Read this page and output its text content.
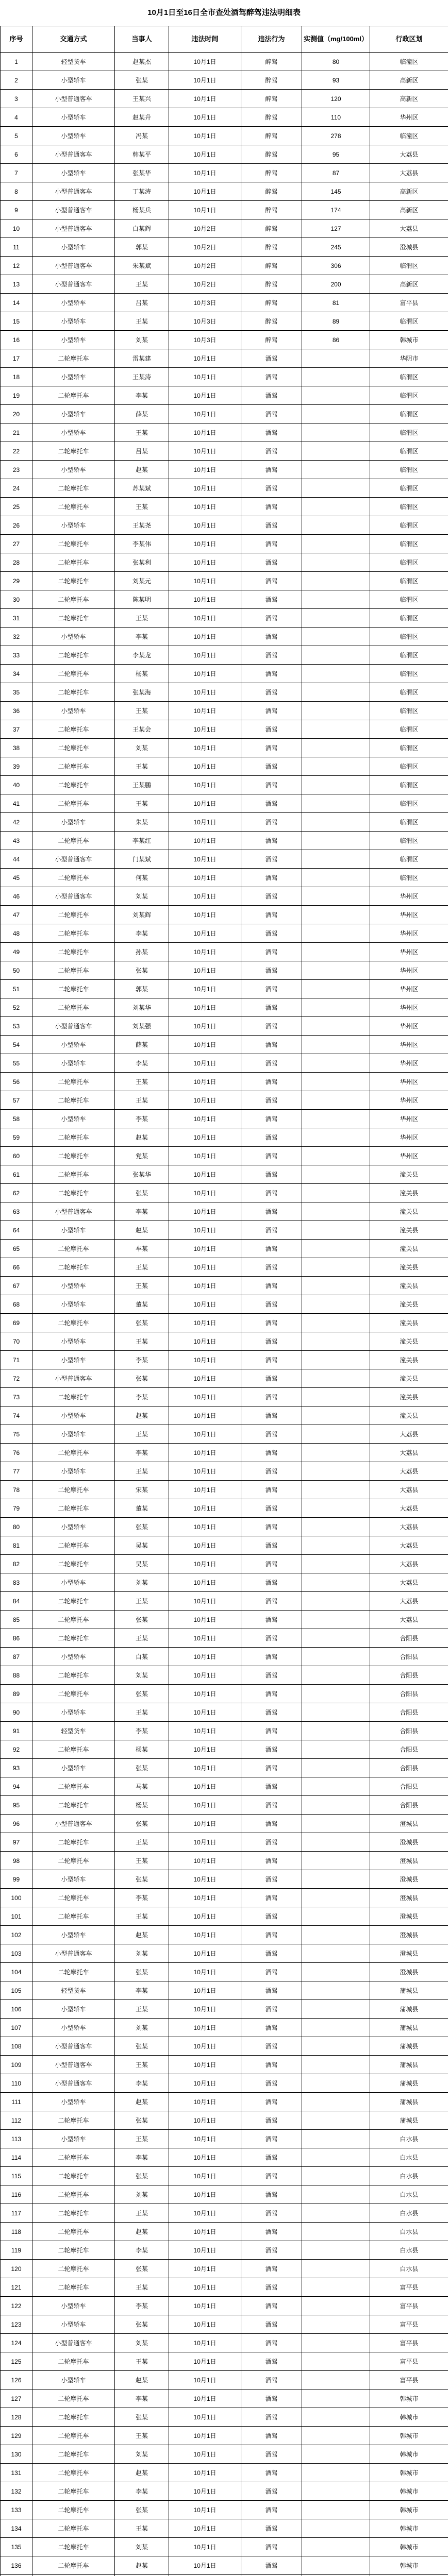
10月1日至16日全市查处酒驾醉驾违法明细表
序号	交通方式	当事人	违法时间	违法行为	实测值（mg/100ml）	行政区划
1	轻型货车	赵某杰	10月1日	醉驾	80	临潼区
2	小型轿车	张某	10月1日	醉驾	93	高新区
3	小型普通客车	王某兴	10月1日	醉驾	120	高新区
4	小型轿车	赵某升	10月1日	醉驾	110	华州区
5	小型轿车	冯某	10月1日	醉驾	278	临潼区
6	小型普通客车	韩某平	10月1日	醉驾	95	大荔县
7	小型轿车	张某华	10月1日	醉驾	87	大荔县
8	小型普通客车	丁某涛	10月1日	醉驾	145	高新区
9	小型普通客车	杨某兵	10月1日	醉驾	174	高新区
10	小型普通客车	白某辉	10月2日	醉驾	127	大荔县
11	小型轿车	郭某	10月2日	醉驾	245	澄城县
12	小型普通客车	朱某斌	10月2日	醉驾	306	临渭区
13	小型普通客车	王某	10月2日	醉驾	200	高新区
14	小型轿车	吕某	10月3日	醉驾	81	富平县
15	小型轿车	王某	10月3日	醉驾	89	临渭区
16	小型轿车	刘某	10月3日	醉驾	86	韩城市
17	二轮摩托车	雷某建	10月1日	酒驾		华阴市
18	小型轿车	王某涛	10月1日	酒驾		临渭区
19	二轮摩托车	李某	10月1日	酒驾		临渭区
20	小型轿车	薛某	10月1日	酒驾		临渭区
21	小型轿车	王某	10月1日	酒驾		临渭区
22	二轮摩托车	吕某	10月1日	酒驾		临渭区
23	小型轿车	赵某	10月1日	酒驾		临渭区
24	二轮摩托车	苏某斌	10月1日	酒驾		临渭区
25	二轮摩托车	王某	10月1日	酒驾		临渭区
26	小型轿车	王某尧	10月1日	酒驾		临渭区
27	二轮摩托车	李某伟	10月1日	酒驾		临渭区
28	二轮摩托车	张某利	10月1日	酒驾		临渭区
29	二轮摩托车	刘某元	10月1日	酒驾		临渭区
30	二轮摩托车	陈某明	10月1日	酒驾		临渭区
31	二轮摩托车	王某	10月1日	酒驾		临渭区
32	小型轿车	李某	10月1日	酒驾		临渭区
33	二轮摩托车	李某龙	10月1日	酒驾		临渭区
34	二轮摩托车	杨某	10月1日	酒驾		临渭区
35	二轮摩托车	张某海	10月1日	酒驾		临渭区
36	小型轿车	王某	10月1日	酒驾		临渭区
37	二轮摩托车	王某会	10月1日	酒驾		临渭区
38	二轮摩托车	刘某	10月1日	酒驾		临渭区
39	二轮摩托车	王某	10月1日	酒驾		临渭区
40	二轮摩托车	王某鹏	10月1日	酒驾		临渭区
41	二轮摩托车	王某	10月1日	酒驾		临渭区
42	小型轿车	朱某	10月1日	酒驾		临渭区
43	二轮摩托车	李某红	10月1日	酒驾		临渭区
44	小型普通客车	门某斌	10月1日	酒驾		临渭区
45	二轮摩托车	何某	10月1日	酒驾		临渭区
46	小型普通客车	刘某	10月1日	酒驾		华州区
47	二轮摩托车	刘某辉	10月1日	酒驾		华州区
48	二轮摩托车	李某	10月1日	酒驾		华州区
49	二轮摩托车	孙某	10月1日	酒驾		华州区
50	二轮摩托车	张某	10月1日	酒驾		华州区
51	二轮摩托车	郭某	10月1日	酒驾		华州区
52	二轮摩托车	刘某华	10月1日	酒驾		华州区
53	小型普通客车	刘某强	10月1日	酒驾		华州区
54	小型轿车	薛某	10月1日	酒驾		华州区
55	小型轿车	李某	10月1日	酒驾		华州区
56	二轮摩托车	王某	10月1日	酒驾		华州区
57	二轮摩托车	王某	10月1日	酒驾		华州区
58	小型轿车	李某	10月1日	酒驾		华州区
59	二轮摩托车	赵某	10月1日	酒驾		华州区
60	二轮摩托车	党某	10月1日	酒驾		华州区
61	二轮摩托车	张某华	10月1日	酒驾		潼关县
62	二轮摩托车	张某	10月1日	酒驾		潼关县
63	小型普通客车	李某	10月1日	酒驾		潼关县
64	小型轿车	赵某	10月1日	酒驾		潼关县
65	二轮摩托车	车某	10月1日	酒驾		潼关县
66	二轮摩托车	王某	10月1日	酒驾		潼关县
67	小型轿车	王某	10月1日	酒驾		潼关县
68	小型轿车	董某	10月1日	酒驾		潼关县
69	二轮摩托车	张某	10月1日	酒驾		潼关县
70	小型轿车	王某	10月1日	酒驾		潼关县
71	小型轿车	李某	10月1日	酒驾		潼关县
72	小型普通客车	张某	10月1日	酒驾		潼关县
73	二轮摩托车	李某	10月1日	酒驾		潼关县
74	小型轿车	赵某	10月1日	酒驾		潼关县
75	小型轿车	王某	10月1日	酒驾		大荔县
76	二轮摩托车	李某	10月1日	酒驾		大荔县
77	小型轿车	王某	10月1日	酒驾		大荔县
78	二轮摩托车	宋某	10月1日	酒驾		大荔县
79	二轮摩托车	董某	10月1日	酒驾		大荔县
80	小型轿车	张某	10月1日	酒驾		大荔县
81	二轮摩托车	吴某	10月1日	酒驾		大荔县
82	二轮摩托车	吴某	10月1日	酒驾		大荔县
83	小型轿车	刘某	10月1日	酒驾		大荔县
84	二轮摩托车	王某	10月1日	酒驾		大荔县
85	二轮摩托车	张某	10月1日	酒驾		大荔县
86	二轮摩托车	王某	10月1日	酒驾		合阳县
87	小型轿车	白某	10月1日	酒驾		合阳县
88	二轮摩托车	刘某	10月1日	酒驾		合阳县
89	二轮摩托车	张某	10月1日	酒驾		合阳县
90	小型轿车	王某	10月1日	酒驾		合阳县
91	轻型货车	李某	10月1日	酒驾		合阳县
92	二轮摩托车	杨某	10月1日	酒驾		合阳县
93	小型轿车	张某	10月1日	酒驾		合阳县
94	二轮摩托车	马某	10月1日	酒驾		合阳县
95	二轮摩托车	杨某	10月1日	酒驾		合阳县
96	小型普通客车	张某	10月1日	酒驾		澄城县
97	二轮摩托车	王某	10月1日	酒驾		澄城县
98	二轮摩托车	王某	10月1日	酒驾		澄城县
99	小型轿车	张某	10月1日	酒驾		澄城县
100	二轮摩托车	李某	10月1日	酒驾		澄城县
101	二轮摩托车	王某	10月1日	酒驾		澄城县
102	小型轿车	赵某	10月1日	酒驾		澄城县
103	小型普通客车	刘某	10月1日	酒驾		澄城县
104	二轮摩托车	张某	10月1日	酒驾		澄城县
105	轻型货车	李某	10月1日	酒驾		蒲城县
106	小型轿车	王某	10月1日	酒驾		蒲城县
107	小型轿车	刘某	10月1日	酒驾		蒲城县
108	小型普通客车	张某	10月1日	酒驾		蒲城县
109	小型普通客车	王某	10月1日	酒驾		蒲城县
110	小型普通客车	李某	10月1日	酒驾		蒲城县
111	小型轿车	赵某	10月1日	酒驾		蒲城县
112	二轮摩托车	张某	10月1日	酒驾		蒲城县
113	小型轿车	王某	10月1日	酒驾		白水县
114	二轮摩托车	李某	10月1日	酒驾		白水县
115	二轮摩托车	张某	10月1日	酒驾		白水县
116	二轮摩托车	刘某	10月1日	酒驾		白水县
117	二轮摩托车	王某	10月1日	酒驾		白水县
118	二轮摩托车	赵某	10月1日	酒驾		白水县
119	二轮摩托车	李某	10月1日	酒驾		白水县
120	二轮摩托车	张某	10月1日	酒驾		白水县
121	二轮摩托车	王某	10月1日	酒驾		富平县
122	小型轿车	李某	10月1日	酒驾		富平县
123	小型轿车	张某	10月1日	酒驾		富平县
124	小型普通客车	刘某	10月1日	酒驾		富平县
125	二轮摩托车	王某	10月1日	酒驾		富平县
126	小型轿车	赵某	10月1日	酒驾		富平县
127	二轮摩托车	李某	10月1日	酒驾		韩城市
128	二轮摩托车	张某	10月1日	酒驾		韩城市
129	二轮摩托车	王某	10月1日	酒驾		韩城市
130	二轮摩托车	刘某	10月1日	酒驾		韩城市
131	二轮摩托车	赵某	10月1日	酒驾		韩城市
132	二轮摩托车	李某	10月1日	酒驾		韩城市
133	二轮摩托车	张某	10月1日	酒驾		韩城市
134	二轮摩托车	王某	10月1日	酒驾		韩城市
135	二轮摩托车	刘某	10月1日	酒驾		韩城市
136	二轮摩托车	赵某	10月1日	酒驾		韩城市
